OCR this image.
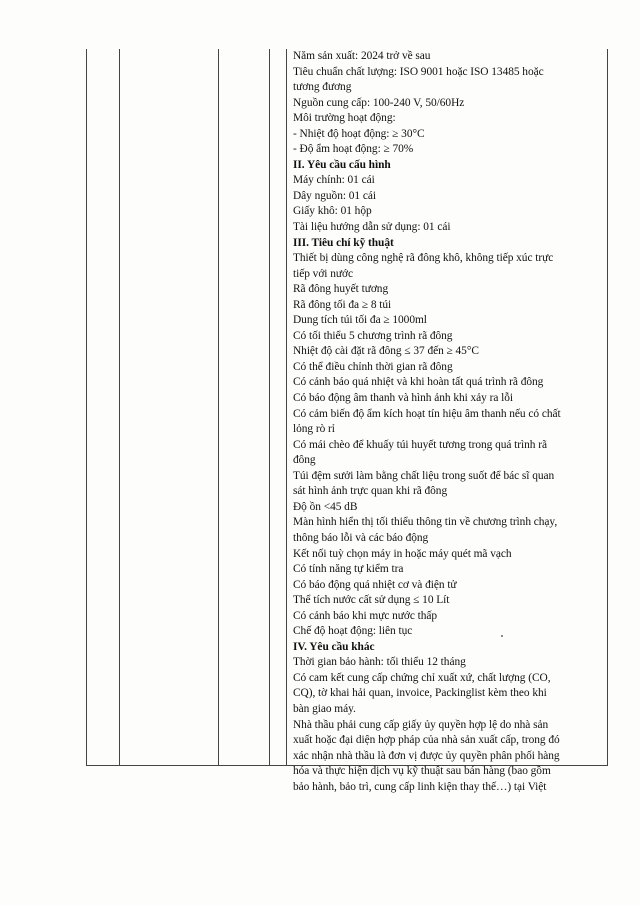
Năm sản xuất: 2024 trở về sau
Tiêu chuẩn chất lượng: ISO 9001 hoặc ISO 13485 hoặc
tương đương
Nguồn cung cấp: 100-240 V, 50/60Hz
Môi trường hoạt động:
- Nhiệt độ hoạt động: ≥ 30°C
- Độ ẩm hoạt động: ≥ 70%
II. Yêu cầu cấu hình
Máy chính: 01 cái
Dây nguồn: 01 cái
Giấy khô: 01 hộp
Tài liệu hướng dẫn sử dụng: 01 cái
III. Tiêu chí kỹ thuật
Thiết bị dùng công nghệ rã đông khô, không tiếp xúc trực
tiếp với nước
Rã đông huyết tương
Rã đông tối đa ≥ 8 túi
Dung tích túi tối đa ≥ 1000ml
Có tối thiểu 5 chương trình rã đông
Nhiệt độ cài đặt rã đông ≤ 37 đến ≥ 45°C
Có thể điều chỉnh thời gian rã đông
Có cảnh báo quá nhiệt và khi hoàn tất quá trình rã đông
Có báo động âm thanh và hình ảnh khi xảy ra lỗi
Có cảm biến độ ẩm kích hoạt tín hiệu âm thanh nếu có chất
lỏng rò rỉ
Có mái chèo để khuấy túi huyết tương trong quá trình rã
đông
Túi đệm sưởi làm bằng chất liệu trong suốt để bác sĩ quan
sát hình ảnh trực quan khi rã đông
Độ ồn <45 dB
Màn hình hiển thị tối thiểu thông tin về chương trình chạy,
thông báo lỗi và các báo động
Kết nối tuỳ chọn máy in hoặc máy quét mã vạch
Có tính năng tự kiểm tra
Có báo động quá nhiệt cơ và điện tử
Thể tích nước cất sử dụng ≤ 10 Lít
Có cảnh báo khi mực nước thấp
Chế độ hoạt động: liên tục
IV. Yêu cầu khác
Thời gian bảo hành: tối thiểu 12 tháng
Có cam kết cung cấp chứng chỉ xuất xứ, chất lượng (CO,
CQ), tờ khai hải quan, invoice, Packinglist kèm theo khi
bàn giao máy.
Nhà thầu phải cung cấp giấy ủy quyền hợp lệ do nhà sản
xuất hoặc đại diện hợp pháp của nhà sản xuất cấp, trong đó
xác nhận nhà thầu là đơn vị được ủy quyền phân phối hàng
hóa và thực hiện dịch vụ kỹ thuật sau bán hàng (bao gồm
bảo hành, bảo trì, cung cấp linh kiện thay thế…) tại Việt
